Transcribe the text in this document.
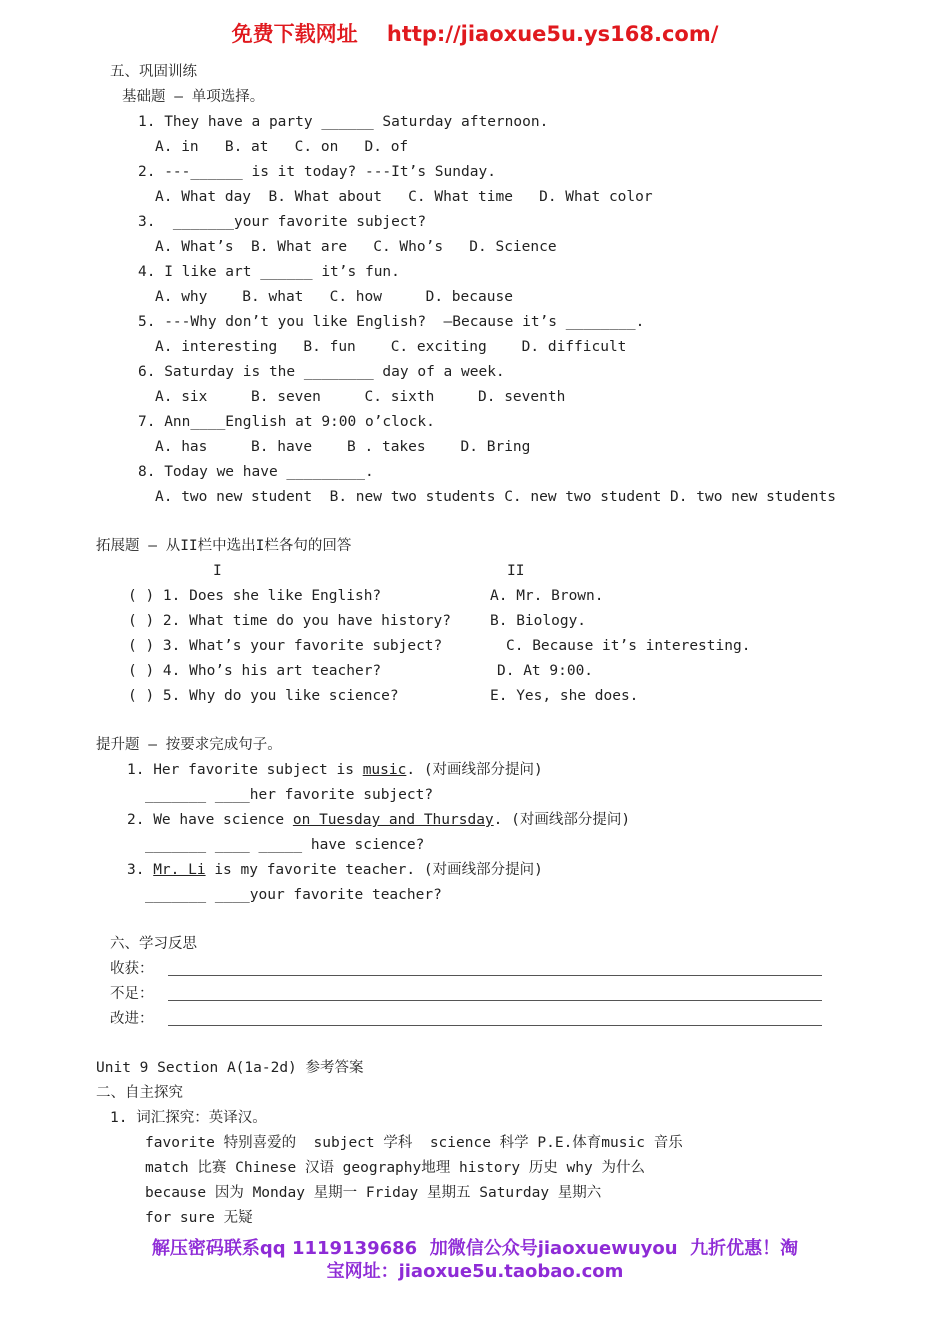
免费下载网址    http://jiaoxue5u.ys168.com/
五、巩固训练
基础题 — 单项选择。
1. They have a party ______ Saturday afternoon.
A. in   B. at   C. on   D. of
2. ---______ is it today? ---It’s Sunday.
A. What day  B. What about   C. What time   D. What color
3.  _______your favorite subject?
A. What’s  B. What are   C. Who’s   D. Science
4. I like art ______ it’s fun.
A. why    B. what   C. how     D. because
5. ---Why don’t you like English?  —Because it’s ________.
A. interesting   B. fun    C. exciting    D. difficult
6. Saturday is the ________ day of a week.
A. six     B. seven     C. sixth     D. seventh
7. Ann____English at 9:00 o’clock.
A. has     B. have    B . takes    D. Bring
8. Today we have _________.
A. two new student  B. new two students C. new two student D. two new students
拓展题 — 从II栏中选出I栏各句的回答
I	II
( ) 1. Does she like English?
( ) 2. What time do you have history?
( ) 3. What’s your favorite subject?
( ) 4. Who’s his art teacher?
( ) 5. Why do you like science?
A. Mr. Brown.
B. Biology.
C. Because it’s interesting.
D. At 9:00.
E. Yes, she does.
提升题 — 按要求完成句子。
1. Her favorite subject is music. (对画线部分提问)
_______ ____her favorite subject?
2. We have science on Tuesday and Thursday. (对画线部分提问)
_______ ____ _____ have science?
3. Mr. Li is my favorite teacher. (对画线部分提问)
_______ ____your favorite teacher?
六、学习反思
收获：
不足：
改进：
Unit 9 Section A(1a-2d) 参考答案
二、自主探究
1. 词汇探究：英译汉。
favorite 特别喜爱的  subject 学科  science 科学 P.E.体育music 音乐
match 比赛 Chinese 汉语 geography地理 history 历史 why 为什么
because 因为 Monday 星期一 Friday 星期五 Saturday 星期六
for sure 无疑
解压密码联系qq 1119139686  加微信公众号jiaoxuewuyou  九折优惠！淘
宝网址：jiaoxue5u.taobao.com
